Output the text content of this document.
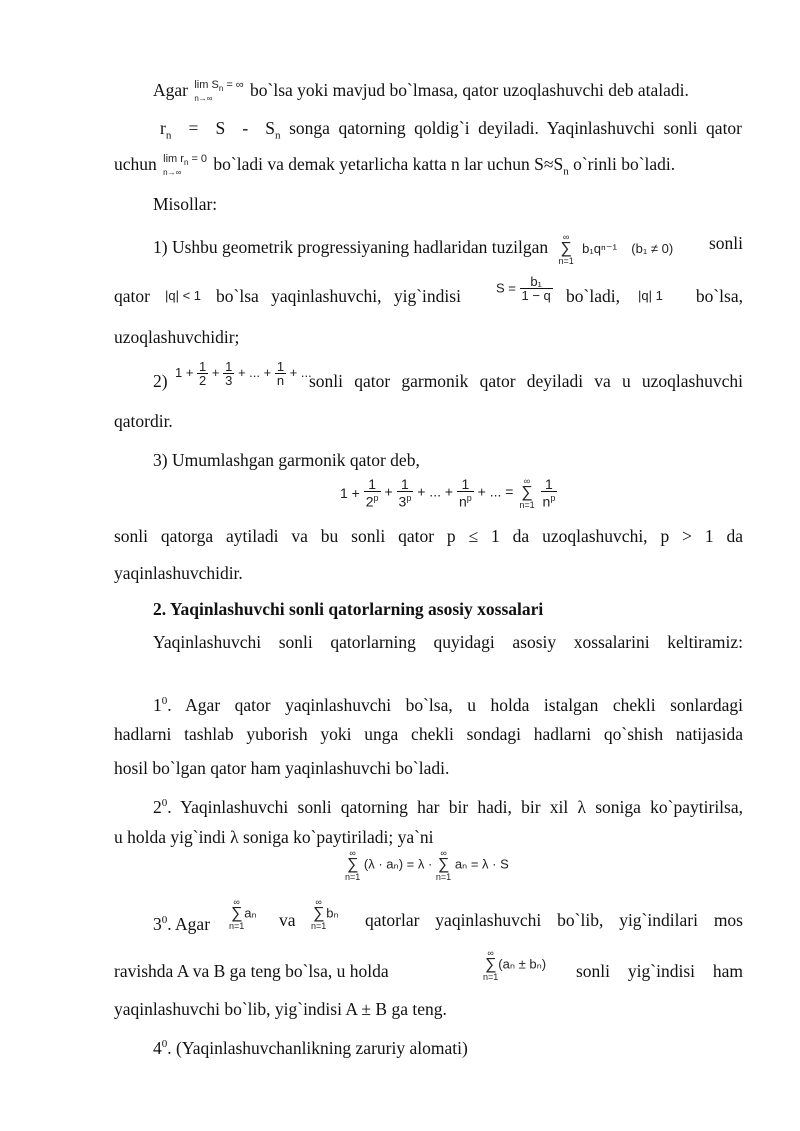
Agar $\lim S_n$ = ∞
n→∞	bo`lsa yoki mavjud bo`lmasa, qator uzoqlashuvchi deb ataladi.
$r_n = S - S_n$ songa qatorning qoldig`i deyiladi. Yaqinlashuvchi sonli qator
uchun $\lim r_n = 0$
n→∞	bo`ladi va demak yetarlicha katta n lar uchun $S\approx S_n$ o`rinli bo`ladi.
Misollar:
1) Ushbu geometrik progressiyaning hadlaridan tuzilgan
∞
∑
n=1
b₁qⁿ⁻¹ (b₁ ≠ 0) sonli
qator |q| < 1 bo`lsa yaqinlashuvchi, yig`indisi	$S = \frac{\text{b₁}}{1 - q}$ bo`ladi, |q| 1 bo`lsa,
uzoqlashuvchidir;
2) $1 + \frac{1}{2} + \frac{1}{3}$ + ... + $\frac{1}{n}$ + ...
sonli qator garmonik qator deyiladi va u uzoqlashuvchi
qatordir.
3) Umumlashgan garmonik qator deb,
$1 + \frac{1}{2^p} + \frac{1}{3^p}$ + ... + $\frac{1}{n^p}$ + ... =
∞
∑
n=1
$\frac{1}{n^p}$
sonli qatorga aytiladi va bu sonli qator p ≤ 1 da uzoqlashuvchi, p > 1 da
yaqinlashuvchidir.
2. Yaqinlashuvchi sonli qatorlarning asosiy xossalari
Yaqinlashuvchi sonli qatorlarning quyidagi asosiy xossalarini keltiramiz:
$1^0$. Agar qator yaqinlashuvchi bo`lsa, u holda istalgan chekli sonlardagi
hadlarni tashlab yuborish yoki unga chekli sondagi hadlarni qo`shish natijasida
hosil bo`lgan qator ham yaqinlashuvchi bo`ladi.
$2^0$. Yaqinlashuvchi sonli qatorning har bir hadi, bir xil λ soniga ko`paytirilsa,
u holda yig`indi λ soniga ko`paytiriladi; ya`ni
∞
∑
n=1
(λ · aₙ) = λ ·
∞
∑
n=1
aₙ = λ · S
$3^0$. Agar
∞
∑
n=1
aₙ va
∞
∑
n=1
bₙ qatorlar yaqinlashuvchi bo`lib, yig`indilari mos
ravishda A va B ga teng bo`lsa, u holda
∞
∑
n=1
(aₙ ± bₙ) sonli yig`indisi ham
yaqinlashuvchi bo`lib, yig`indisi A ± B ga teng.
$4^0$. (Yaqinlashuvchanlikning zaruriy alomati)
